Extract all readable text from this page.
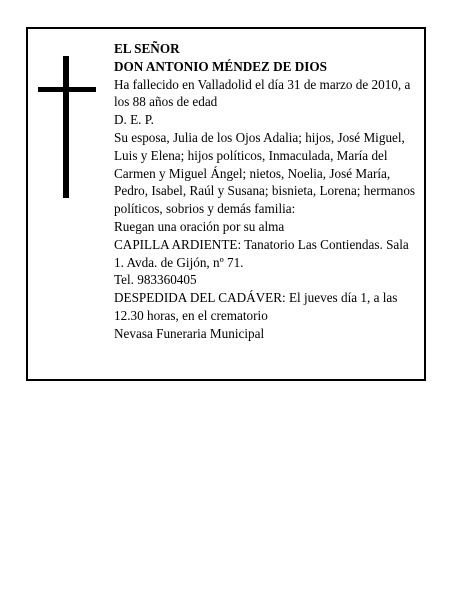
EL SEÑOR

DON ANTONIO MÉNDEZ DE DIOS

Ha fallecido en Valladolid el día 31 de marzo de 2010, a los 88 años de edad

D. E. P.

Su esposa, Julia de los Ojos Adalia; hijos, José Miguel, Luis y Elena; hijos políticos, Inmaculada, María del Carmen y Miguel Ángel; nietos, Noelia, José María, Pedro, Isabel, Raúl y Susana; bisnieta, Lorena; hermanos políticos, sobrios y demás familia:

Ruegan una oración por su alma

CAPILLA ARDIENTE: Tanatorio Las Contiendas. Sala 1. Avda. de Gijón, nº 71.

Tel. 983360405

DESPEDIDA DEL CADÁVER: El jueves día 1, a las 12.30 horas, en el crematorio

Nevasa Funeraria Municipal
